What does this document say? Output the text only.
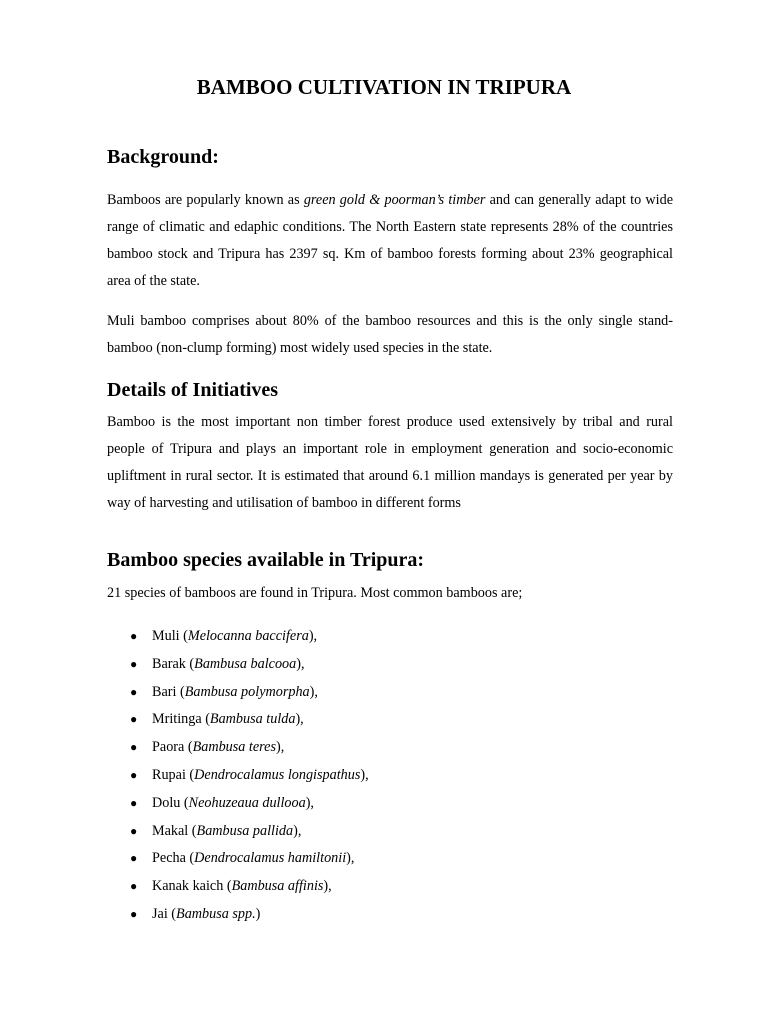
BAMBOO CULTIVATION IN TRIPURA
Background:

Bamboos are popularly known as green gold & poorman’s timber and can generally adapt to wide range of climatic and edaphic conditions. The North Eastern state represents 28% of the countries bamboo stock and Tripura has 2397 sq. Km of bamboo forests forming about 23% geographical area of the state.

Muli bamboo comprises about 80% of the bamboo resources and this is the only single stand-bamboo (non-clump forming) most widely used species in the state.

Details of Initiatives

Bamboo is the most important non timber forest produce used extensively by tribal and rural people of Tripura and plays an important role in employment generation and socio-economic upliftment in rural sector. It is estimated that around 6.1 million mandays is generated per year by way of harvesting and utilisation of bamboo in different forms

Bamboo species available in Tripura:

21 species of bamboos are found in Tripura. Most common bamboos are;

● Muli (Melocanna baccifera),
● Barak (Bambusa balcooa),
● Bari (Bambusa polymorpha),
● Mritinga (Bambusa tulda),
● Paora (Bambusa teres),
● Rupai (Dendrocalamus longispathus),
● Dolu (Neohuzeaua dullooa),
● Makal (Bambusa pallida),
● Pecha (Dendrocalamus hamiltonii),
● Kanak kaich (Bambusa affinis),
● Jai (Bambusa spp.)
